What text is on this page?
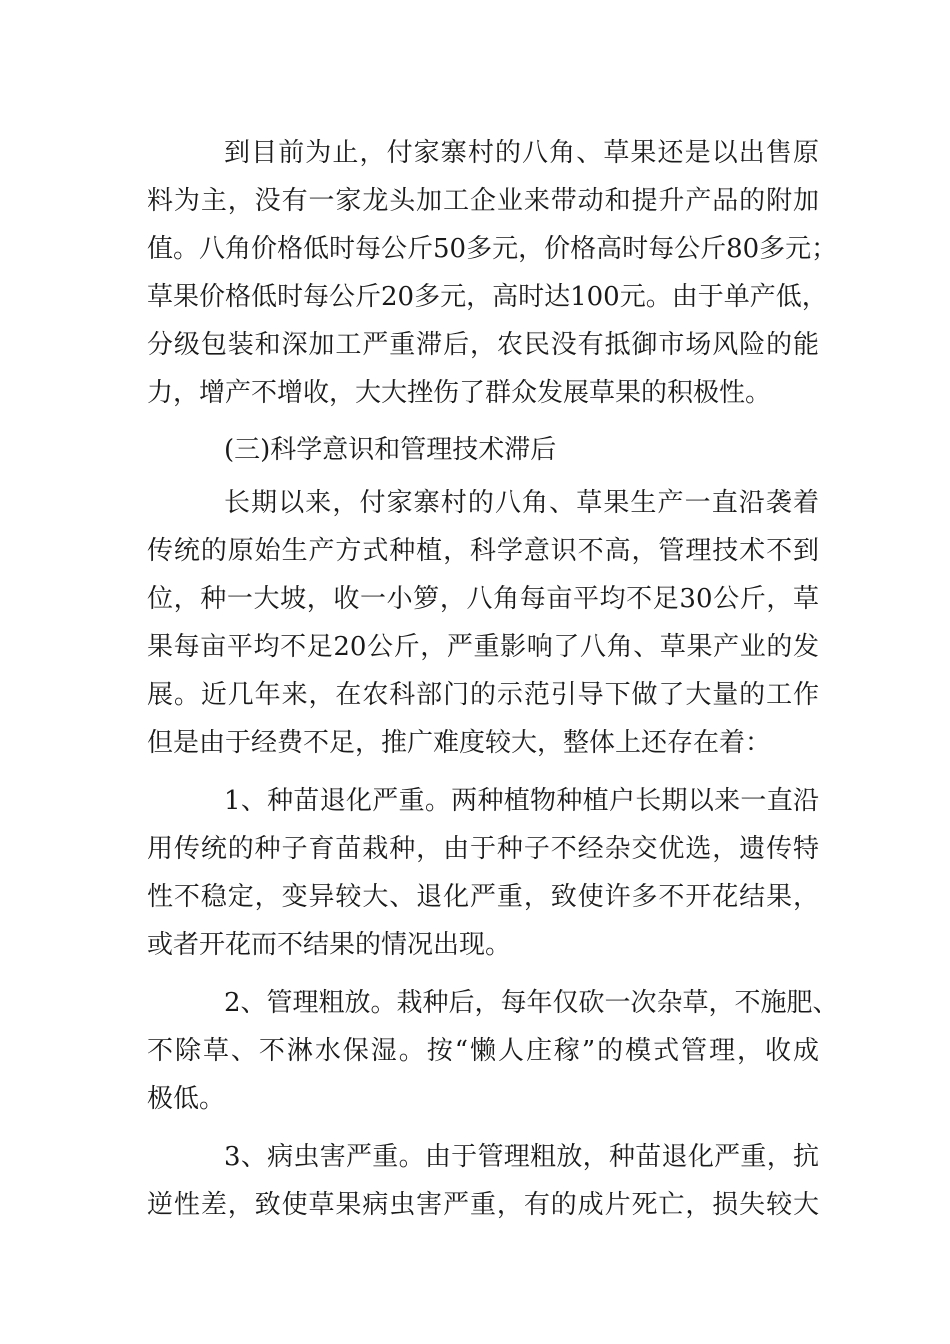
到目前为止，付家寨村的八角、草果还是以出售原
料为主，没有一家龙头加工企业来带动和提升产品的附加
值。八角价格低时每公斤50多元，价格高时每公斤80多元；
草果价格低时每公斤20多元，高时达100元。由于单产低，
分级包装和深加工严重滞后，农民没有抵御市场风险的能
力，增产不增收，大大挫伤了群众发展草果的积极性。
(三)科学意识和管理技术滞后
长期以来，付家寨村的八角、草果生产一直沿袭着
传统的原始生产方式种植，科学意识不高，管理技术不到
位，种一大坡，收一小箩，八角每亩平均不足30公斤，草
果每亩平均不足20公斤，严重影响了八角、草果产业的发
展。近几年来，在农科部门的示范引导下做了大量的工作
但是由于经费不足，推广难度较大，整体上还存在着：
1、种苗退化严重。两种植物种植户长期以来一直沿
用传统的种子育苗栽种，由于种子不经杂交优选，遗传特
性不稳定，变异较大、退化严重，致使许多不开花结果，
或者开花而不结果的情况出现。
2、管理粗放。栽种后，每年仅砍一次杂草，不施肥、
不除草、不淋水保湿。按“懒人庄稼”的模式管理，收成
极低。
3、病虫害严重。由于管理粗放，种苗退化严重，抗
逆性差，致使草果病虫害严重，有的成片死亡，损失较大
